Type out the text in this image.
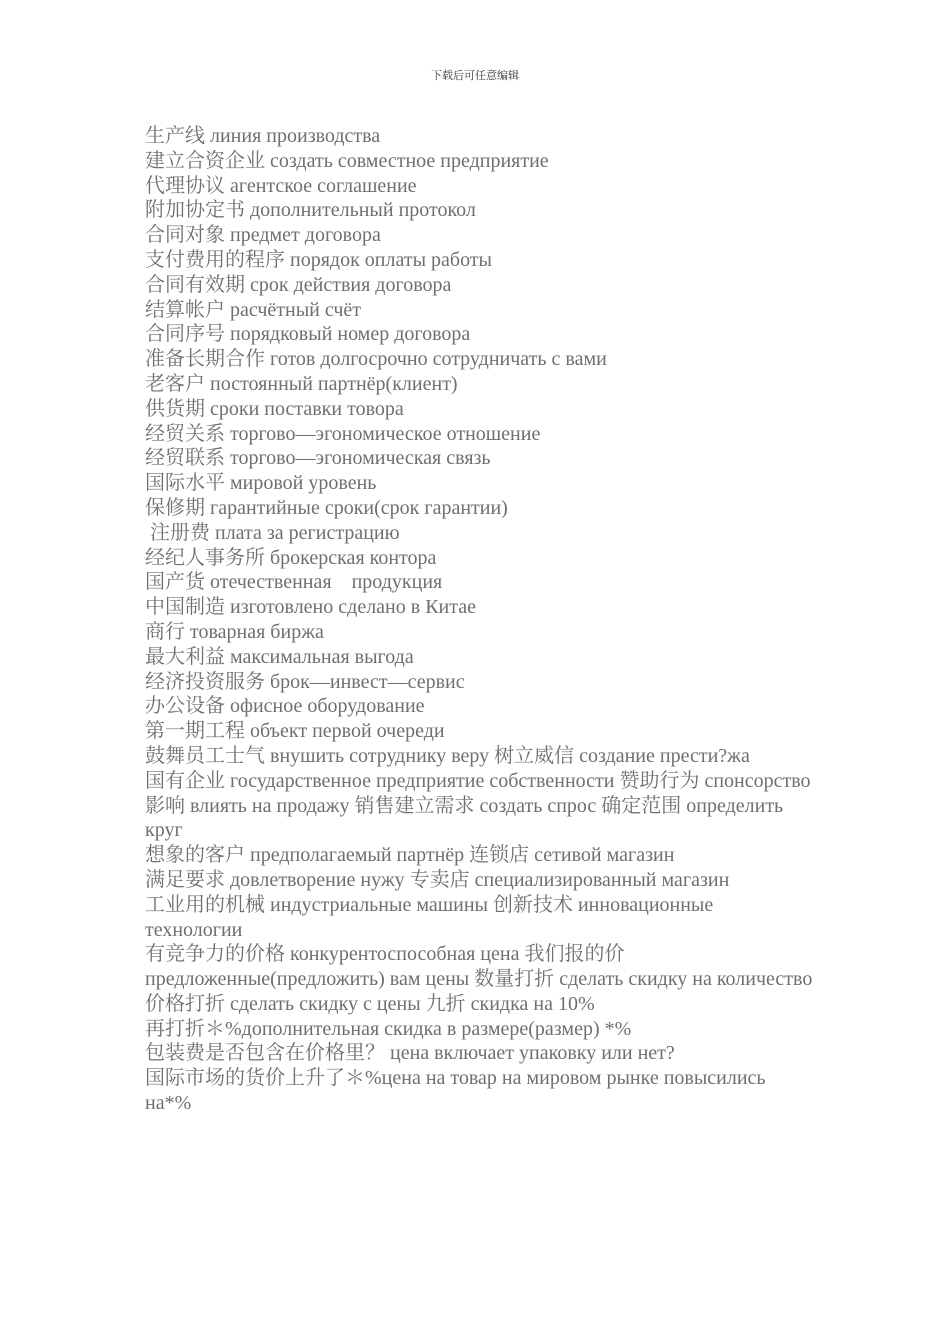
下载后可任意编辑

生产线 линия производства

建立合资企业 создать совместное предприятие

代理协议 агентское соглашение

附加协定书 дополнительный протокол

合同对象 предмет договора

支付费用的程序 порядок оплаты работы

合同有效期 срок действия договора

结算帐户 расчётный счёт

合同序号 порядковый номер договора

准备长期合作 готов долгосрочно сотрудничать с вами

老客户 постоянный партнёр(клиент)

供货期 сроки поставки товора

经贸关系 торгово—эгономическое отношение

经贸联系 торгово—эгономическая связь

国际水平 мировой уровень

保修期 гарантийные сроки(срок гарантии)

注册费 плата за регистрацию

经纪人事务所 брокерская контора

国产货 отечественная    продукция

中国制造 изготовлено сделано в Китае

商行 товарная биржа

最大利益 максимальная выгода

经济投资服务 брок—инвест—сервис

办公设备 офисное оборудование

第一期工程 объект первой очереди

鼓舞员工士气 внушить сотруднику веру 树立威信 создание прести?жа

国有企业 государственное предприятие собственности 赞助行为 спонсорство

影响 влиять на продажу 销售建立需求 создать спрос 确定范围 определить круг

想象的客户 предполагаемый партнёр 连锁店 сетивой магазин

满足要求 довлетворение нужу 专卖店 специализированный магазин

工业用的机械 индустриальные машины 创新技术 инновационные технологии

有竞争力的价格 конкурентоспособная цена 我们报的价 предложенные(предложить) вам цены 数量打折 сделать скидку на количество

价格打折 сделать скидку с цены 九折 скидка на 10%

再打折＊%дополнительная скидка в размере(размер) *%

包装费是否包含在价格里？ цена включает упаковку или нет?

国际市场的货价上升了＊%цена на товар на мировом рынке повысились    на*%
